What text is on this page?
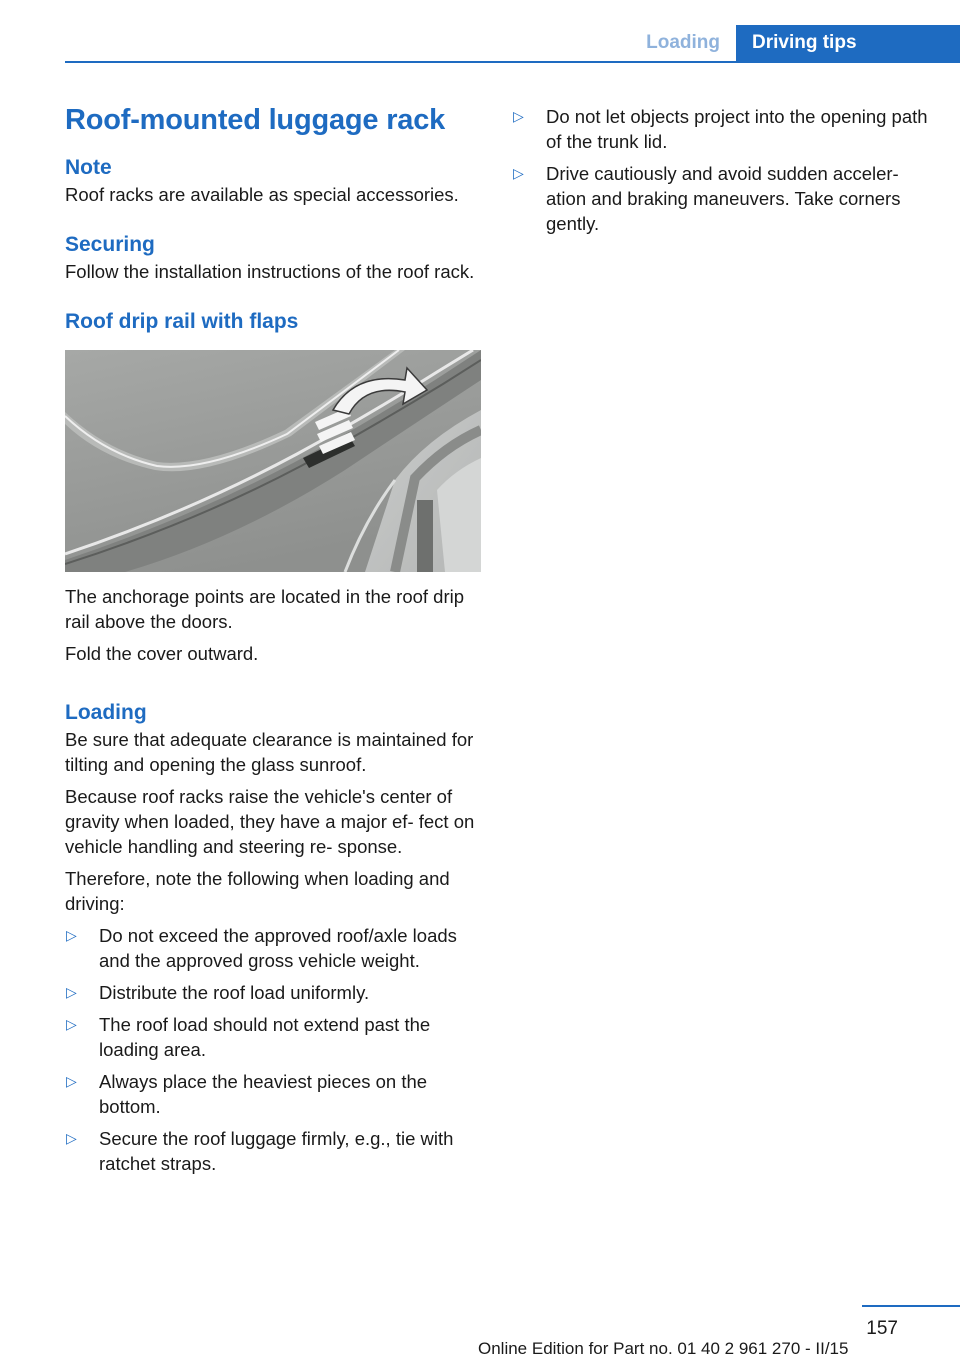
Loading	Driving tips
Roof-mounted luggage rack
Note

Roof racks are available as special accessories.

Securing

Follow the installation instructions of the roof rack.

Roof drip rail with flaps

The anchorage points are located in the roof drip rail above the doors.

Fold the cover outward.

Loading

Be sure that adequate clearance is maintained for tilting and opening the glass sunroof.

Because roof racks raise the vehicle's center of gravity when loaded, they have a major ef- fect on vehicle handling and steering re- sponse.

Therefore, note the following when loading and driving:

▷ Do not exceed the approved roof/axle loads and the approved gross vehicle weight.
▷ Distribute the roof load uniformly.
▷ The roof load should not extend past the loading area.
▷ Always place the heaviest pieces on the bottom.
▷ Secure the roof luggage firmly, e.g., tie with ratchet straps.
▷ Do not let objects project into the opening path of the trunk lid.
▷ Drive cautiously and avoid sudden acceler- ation and braking maneuvers. Take corners gently.
157
Online Edition for Part no. 01 40 2 961 270 - II/15
